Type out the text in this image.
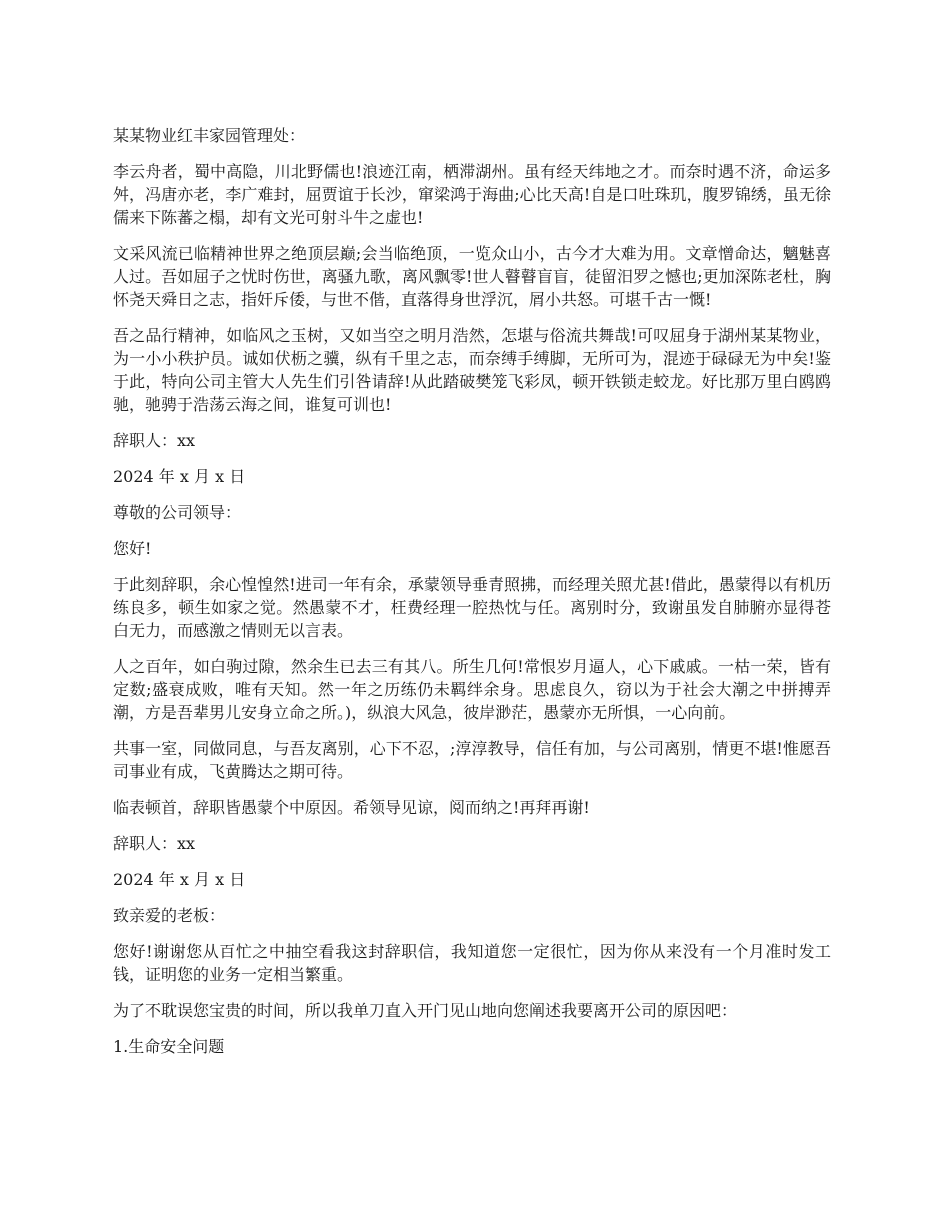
某某物业红丰家园管理处：

李云舟者，蜀中高隐，川北野儒也!浪迹江南，栖滞湖州。虽有经天纬地之才。而奈时遇不济，命运多舛，冯唐亦老，李广难封，屈贾谊于长沙，窜梁鸿于海曲;心比天高!自是口吐珠玑，腹罗锦绣，虽无徐儒来下陈蕃之榻，却有文光可射斗牛之虚也!

文采风流已临精神世界之绝顶层巅;会当临绝顶，一览众山小，古今才大难为用。文章憎命达，魑魅喜人过。吾如屈子之忧时伤世，离骚九歌，离风飘零!世人瞽瞽盲盲，徒留汨罗之憾也;更加深陈老杜，胸怀尧天舜日之志，指奸斥倭，与世不偕，直落得身世浮沉，屑小共怒。可堪千古一慨!

吾之品行精神，如临风之玉树，又如当空之明月浩然，怎堪与俗流共舞哉!可叹屈身于湖州某某物业，为一小小秩护员。诚如伏枥之骥，纵有千里之志，而奈缚手缚脚，无所可为，混迹于碌碌无为中矣!鉴于此，特向公司主管大人先生们引咎请辞!从此踏破樊笼飞彩凤，顿开铁锁走蛟龙。好比那万里白鸥鸥驰，驰骋于浩荡云海之间，谁复可训也!

辞职人：xx

2024 年 x 月 x 日

尊敬的公司领导：

您好!

于此刻辞职，余心惶惶然!进司一年有余，承蒙领导垂青照拂，而经理关照尤甚!借此，愚蒙得以有机历练良多，顿生如家之觉。然愚蒙不才，枉费经理一腔热忱与任。离别时分，致谢虽发自肺腑亦显得苍白无力，而感激之情则无以言表。

人之百年，如白驹过隙，然余生已去三有其八。所生几何!常恨岁月逼人，心下戚戚。一枯一荣，皆有定数;盛衰成败，唯有天知。然一年之历练仍未羁绊余身。思虑良久，窃以为于社会大潮之中拼搏弄潮，方是吾辈男儿安身立命之所。)，纵浪大风急，彼岸渺茫，愚蒙亦无所惧，一心向前。

共事一室，同做同息，与吾友离别，心下不忍，;淳淳教导，信任有加，与公司离别，情更不堪!惟愿吾司事业有成，飞黄腾达之期可待。

临表顿首，辞职皆愚蒙个中原因。希领导见谅，阅而纳之!再拜再谢!

辞职人：xx

2024 年 x 月 x 日

致亲爱的老板：

您好!谢谢您从百忙之中抽空看我这封辞职信，我知道您一定很忙，因为你从来没有一个月准时发工钱，证明您的业务一定相当繁重。

为了不耽误您宝贵的时间，所以我单刀直入开门见山地向您阐述我要离开公司的原因吧：

1.生命安全问题
